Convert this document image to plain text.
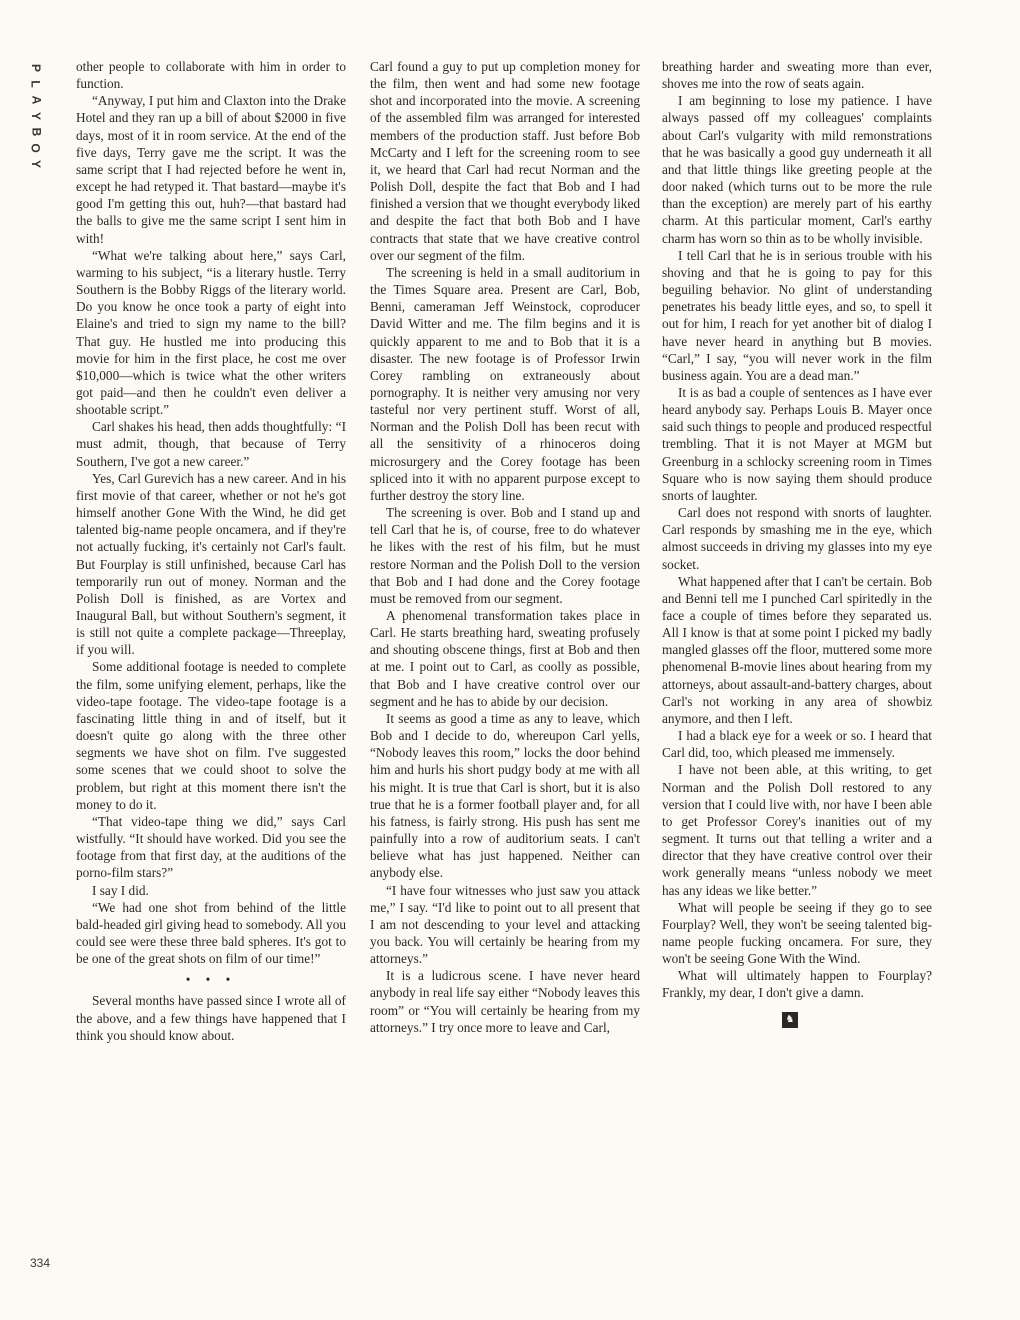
P
L
A
Y
B
O
Y
334

other people to collaborate with him in order to function.

“Anyway, I put him and Claxton into the Drake Hotel and they ran up a bill of about $2000 in five days, most of it in room service. At the end of the five days, Terry gave me the script. It was the same script that I had rejected before he went in, except he had retyped it. That bastard—maybe it's good I'm getting this out, huh?—that bastard had the balls to give me the same script I sent him in with!

“What we're talking about here,” says Carl, warming to his subject, “is a literary hustle. Terry Southern is the Bobby Riggs of the literary world. Do you know he once took a party of eight into Elaine's and tried to sign my name to the bill? That guy. He hustled me into producing this movie for him in the first place, he cost me over $10,000—which is twice what the other writers got paid—and then he couldn't even deliver a shootable script.”

Carl shakes his head, then adds thoughtfully: “I must admit, though, that because of Terry Southern, I've got a new career.”

Yes, Carl Gurevich has a new career. And in his first movie of that career, whether or not he's got himself another Gone With the Wind, he did get talented big-name people oncamera, and if they're not actually fucking, it's certainly not Carl's fault. But Fourplay is still unfinished, because Carl has temporarily run out of money. Norman and the Polish Doll is finished, as are Vortex and Inaugural Ball, but without Southern's segment, it is still not quite a complete package—Threeplay, if you will.

Some additional footage is needed to complete the film, some unifying element, perhaps, like the video-tape footage. The video-tape footage is a fascinating little thing in and of itself, but it doesn't quite go along with the three other segments we have shot on film. I've suggested some scenes that we could shoot to solve the problem, but right at this moment there isn't the money to do it.

“That video-tape thing we did,” says Carl wistfully. “It should have worked. Did you see the footage from that first day, at the auditions of the porno-film stars?”

I say I did.

“We had one shot from behind of the little bald-headed girl giving head to somebody. All you could see were these three bald spheres. It's got to be one of the great shots on film of our time!”

• • •

Several months have passed since I wrote all of the above, and a few things have happened that I think you should know about.

Carl found a guy to put up completion money for the film, then went and had some new footage shot and incorporated into the movie. A screening of the assembled film was arranged for interested members of the production staff. Just before Bob McCarty and I left for the screening room to see it, we heard that Carl had recut Norman and the Polish Doll, despite the fact that Bob and I had finished a version that we thought everybody liked and despite the fact that both Bob and I have contracts that state that we have creative control over our segment of the film.

The screening is held in a small auditorium in the Times Square area. Present are Carl, Bob, Benni, cameraman Jeff Weinstock, coproducer David Witter and me. The film begins and it is quickly apparent to me and to Bob that it is a disaster. The new footage is of Professor Irwin Corey rambling on extraneously about pornography. It is neither very amusing nor very tasteful nor very pertinent stuff. Worst of all, Norman and the Polish Doll has been recut with all the sensitivity of a rhinoceros doing microsurgery and the Corey footage has been spliced into it with no apparent purpose except to further destroy the story line.

The screening is over. Bob and I stand up and tell Carl that he is, of course, free to do whatever he likes with the rest of his film, but he must restore Norman and the Polish Doll to the version that Bob and I had done and the Corey footage must be removed from our segment.

A phenomenal transformation takes place in Carl. He starts breathing hard, sweating profusely and shouting obscene things, first at Bob and then at me. I point out to Carl, as coolly as possible, that Bob and I have creative control over our segment and he has to abide by our decision.

It seems as good a time as any to leave, which Bob and I decide to do, whereupon Carl yells, “Nobody leaves this room,” locks the door behind him and hurls his short pudgy body at me with all his might. It is true that Carl is short, but it is also true that he is a former football player and, for all his fatness, is fairly strong. His push has sent me painfully into a row of auditorium seats. I can't believe what has just happened. Neither can anybody else.

“I have four witnesses who just saw you attack me,” I say. “I'd like to point out to all present that I am not descending to your level and attacking you back. You will certainly be hearing from my attorneys.”

It is a ludicrous scene. I have never heard anybody in real life say either “Nobody leaves this room” or “You will certainly be hearing from my attorneys.” I try once more to leave and Carl,

breathing harder and sweating more than ever, shoves me into the row of seats again.

I am beginning to lose my patience. I have always passed off my colleagues' complaints about Carl's vulgarity with mild remonstrations that he was basically a good guy underneath it all and that little things like greeting people at the door naked (which turns out to be more the rule than the exception) are merely part of his earthy charm. At this particular moment, Carl's earthy charm has worn so thin as to be wholly invisible.

I tell Carl that he is in serious trouble with his shoving and that he is going to pay for this beguiling behavior. No glint of understanding penetrates his beady little eyes, and so, to spell it out for him, I reach for yet another bit of dialog I have never heard in anything but B movies. “Carl,” I say, “you will never work in the film business again. You are a dead man.”

It is as bad a couple of sentences as I have ever heard anybody say. Perhaps Louis B. Mayer once said such things to people and produced respectful trembling. That it is not Mayer at MGM but Greenburg in a schlocky screening room in Times Square who is now saying them should produce snorts of laughter.

Carl does not respond with snorts of laughter. Carl responds by smashing me in the eye, which almost succeeds in driving my glasses into my eye socket.

What happened after that I can't be certain. Bob and Benni tell me I punched Carl spiritedly in the face a couple of times before they separated us. All I know is that at some point I picked my badly mangled glasses off the floor, muttered some more phenomenal B-movie lines about hearing from my attorneys, about assault-and-battery charges, about Carl's not working in any area of showbiz anymore, and then I left.

I had a black eye for a week or so. I heard that Carl did, too, which pleased me immensely.

I have not been able, at this writing, to get Norman and the Polish Doll restored to any version that I could live with, nor have I been able to get Professor Corey's inanities out of my segment. It turns out that telling a writer and a director that they have creative control over their work generally means “unless nobody we meet has any ideas we like better.”

What will people be seeing if they go to see Fourplay? Well, they won't be seeing talented big-name people fucking oncamera. For sure, they won't be seeing Gone With the Wind.

What will ultimately happen to Fourplay? Frankly, my dear, I don't give a damn.

♞
